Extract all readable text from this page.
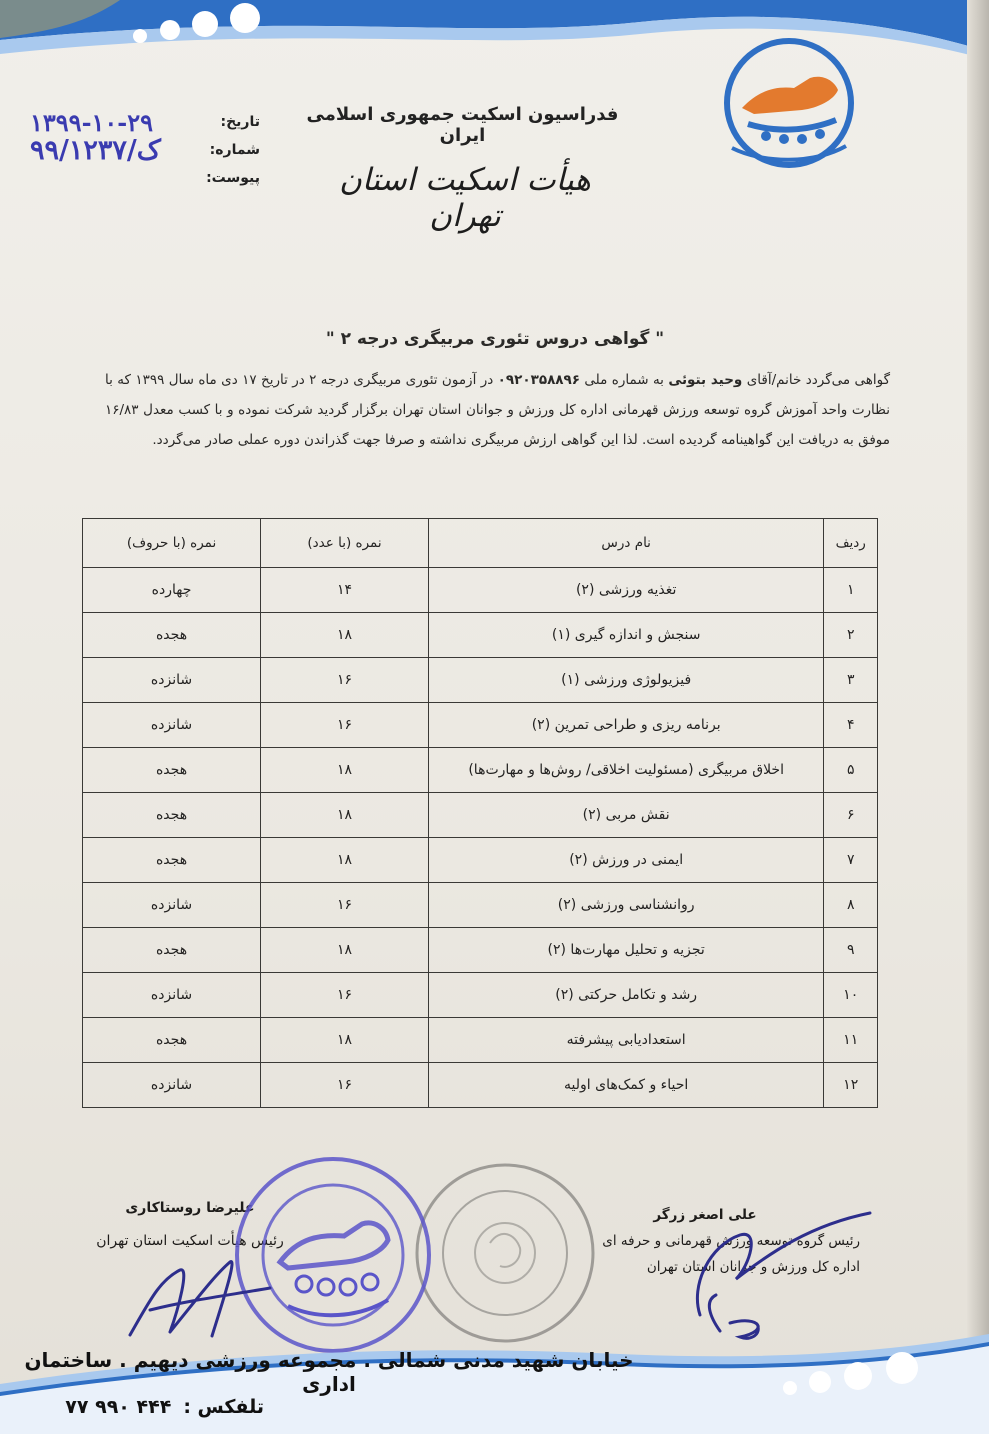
تاریخ:
۱۳۹۹-۱۰-۲۹
شماره:
۹۹/ک/۱۲۳۷
پیوست:
فدراسیون اسکیت جمهوری اسلامی ایران
هیأت اسکیت استان تهران
" گواهی دروس تئوری مربیگری درجه ۲ "
گواهی می‌گردد خانم/آقای وحید بتوئی به شماره ملی ۰۹۲۰۳۵۸۸۹۶ در آزمون تئوری مربیگری درجه ۲ در تاریخ ۱۷ دی ماه سال ۱۳۹۹ که با نظارت واحد آموزش گروه توسعه ورزش قهرمانی اداره کل ورزش و جوانان استان تهران برگزار گردید شرکت نموده و با کسب معدل ۱۶/۸۳ موفق به دریافت این گواهینامه گردیده است. لذا این گواهی ارزش مربیگری نداشته و صرفا جهت گذراندن دوره عملی صادر می‌گردد.
ردیف	نام درس	نمره (با عدد)	نمره (با حروف)
۱	تغذیه ورزشی (۲)	۱۴	چهارده
۲	سنجش و اندازه گیری (۱)	۱۸	هجده
۳	فیزیولوژی ورزشی (۱)	۱۶	شانزده
۴	برنامه ریزی و طراحی تمرین (۲)	۱۶	شانزده
۵	اخلاق مربیگری (مسئولیت اخلاقی/ روش‌ها و مهارت‌ها)	۱۸	هجده
۶	نقش مربی (۲)	۱۸	هجده
۷	ایمنی در ورزش (۲)	۱۸	هجده
۸	روانشناسی ورزشی (۲)	۱۶	شانزده
۹	تجزیه و تحلیل مهارت‌ها (۲)	۱۸	هجده
۱۰	رشد و تکامل حرکتی (۲)	۱۶	شانزده
۱۱	استعدادیابی پیشرفته	۱۸	هجده
۱۲	احیاء و کمک‌های اولیه	۱۶	شانزده
علیرضا روستاکاری
رئیس هیأت اسکیت استان تهران
علی اصغر زرگر
رئیس گروه توسعه ورزش قهرمانی و حرفه ای
اداره کل ورزش و جوانان استان تهران
خیابان شهید مدنی شمالی . مجموعه ورزشی دیهیم . ساختمان اداری
تلفکس :
۷۷ ۹۹۰ ۴۴۴
